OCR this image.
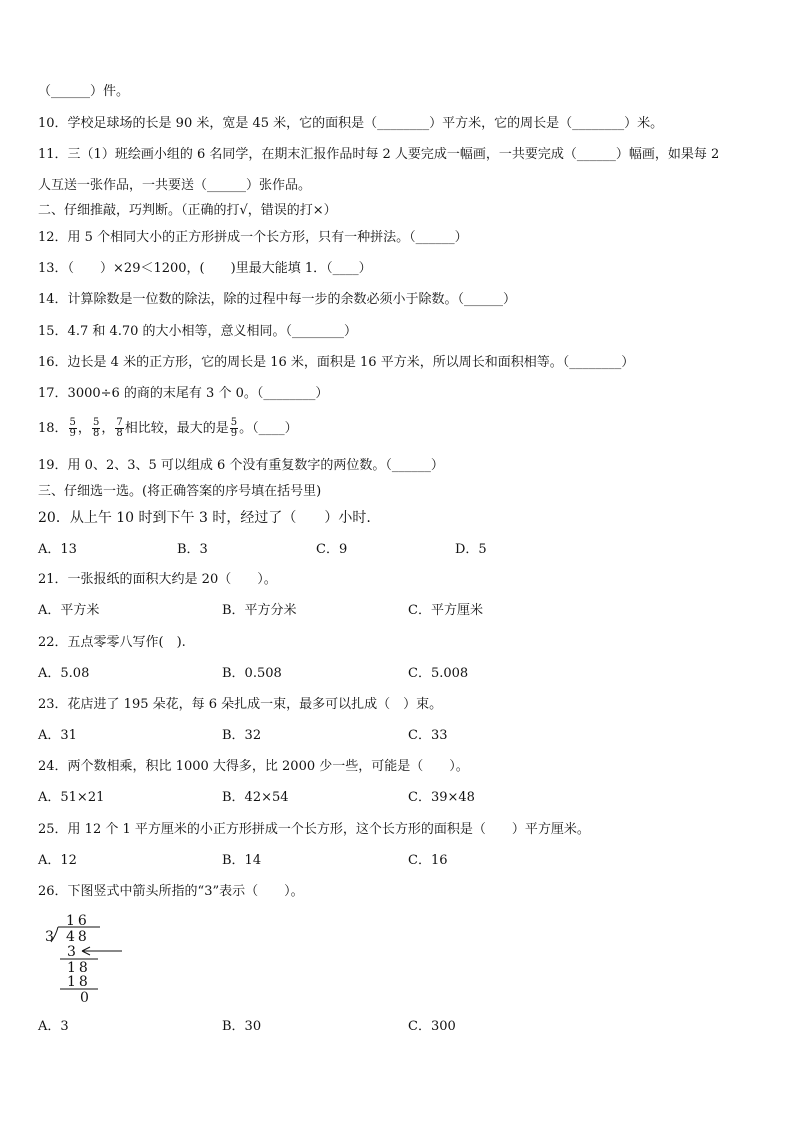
（______）件。
10．学校足球场的长是 90 米，宽是 45 米，它的面积是（________）平方米，它的周长是（________）米。
11．三（1）班绘画小组的 6 名同学，在期末汇报作品时每 2 人要完成一幅画，一共要完成（______）幅画，如果每 2
人互送一张作品，一共要送（______）张作品。
二、仔细推敲，巧判断。（正确的打√，错误的打×）
12．用 5 个相同大小的正方形拼成一个长方形，只有一种拼法。（______）
13．（　　）×29＜1200，(　　)里最大能填 1．（____）
14．计算除数是一位数的除法，除的过程中每一步的余数必须小于除数。（______）
15．4.7 和 4.70 的大小相等，意义相同。（________）
16．边长是 4 米的正方形，它的周长是 16 米，面积是 16 平方米，所以周长和面积相等。（________）
17．3000÷6 的商的末尾有 3 个 0。（________）
18． $\frac{5}{9}$ ， $\frac{5}{8}$ ， $\frac{7}{8}$ 相比较，最大的是 $\frac{5}{9}$ 。（____）
19．用 0、2、3、5 可以组成 6 个没有重复数字的两位数。（______）
三、仔细选一选。(将正确答案的序号填在括号里)
20．从上午 10 时到下午 3 时，经过了（　　）小时.
A．13	B．3	C．9	D．5
21．一张报纸的面积大约是 20（　　）。
A．平方米	B．平方分米	C．平方厘米
22．五点零零八写作(　).
A．5.08	B．0.508	C．5.008
23．花店进了 195 朵花，每 6 朵扎成一束，最多可以扎成（　）束。
A．31	B．32	C．33
24．两个数相乘，积比 1000 大得多，比 2000 少一些，可能是（　　）。
A．51×21	B．42×54	C．39×48
25．用 12 个 1 平方厘米的小正方形拼成一个长方形，这个长方形的面积是（　　）平方厘米。
A．12	B．14	C．16
26．下图竖式中箭头所指的“3”表示（　　）。
16
3 48
3
18
18
0
A．3	B．30	C．300
